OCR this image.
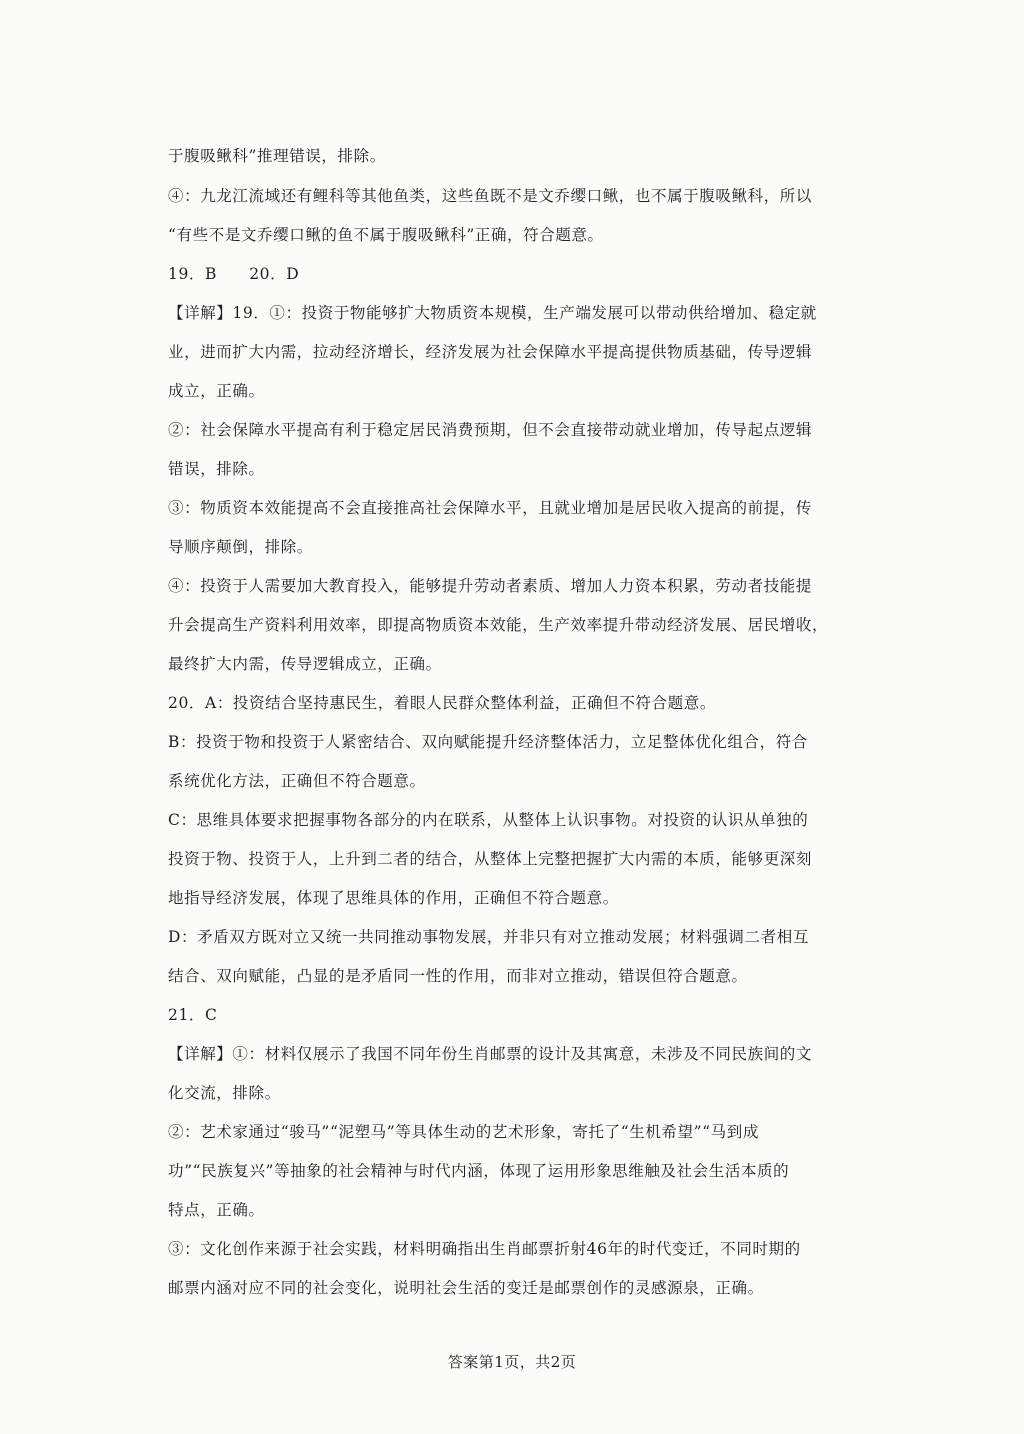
于腹吸鳅科”推理错误，排除。
④：九龙江流域还有鲤科等其他鱼类，这些鱼既不是文乔缨口鳅，也不属于腹吸鳅科，所以
“有些不是文乔缨口鳅的鱼不属于腹吸鳅科”正确，符合题意。
19．B　　20．D
【详解】19．①：投资于物能够扩大物质资本规模，生产端发展可以带动供给增加、稳定就
业，进而扩大内需，拉动经济增长，经济发展为社会保障水平提高提供物质基础，传导逻辑
成立，正确。
②：社会保障水平提高有利于稳定居民消费预期，但不会直接带动就业增加，传导起点逻辑
错误，排除。
③：物质资本效能提高不会直接推高社会保障水平，且就业增加是居民收入提高的前提，传
导顺序颠倒，排除。
④：投资于人需要加大教育投入，能够提升劳动者素质、增加人力资本积累，劳动者技能提
升会提高生产资料利用效率，即提高物质资本效能，生产效率提升带动经济发展、居民增收，
最终扩大内需，传导逻辑成立，正确。
20．A：投资结合坚持惠民生，着眼人民群众整体利益，正确但不符合题意。
B：投资于物和投资于人紧密结合、双向赋能提升经济整体活力，立足整体优化组合，符合
系统优化方法，正确但不符合题意。
C：思维具体要求把握事物各部分的内在联系，从整体上认识事物。对投资的认识从单独的
投资于物、投资于人，上升到二者的结合，从整体上完整把握扩大内需的本质，能够更深刻
地指导经济发展，体现了思维具体的作用，正确但不符合题意。
D：矛盾双方既对立又统一共同推动事物发展，并非只有对立推动发展；材料强调二者相互
结合、双向赋能，凸显的是矛盾同一性的作用，而非对立推动，错误但符合题意。
21．C
【详解】①：材料仅展示了我国不同年份生肖邮票的设计及其寓意，未涉及不同民族间的文
化交流，排除。
②：艺术家通过“骏马”“泥塑马”等具体生动的艺术形象，寄托了“生机希望”“马到成
功”“民族复兴”等抽象的社会精神与时代内涵，体现了运用形象思维触及社会生活本质的
特点，正确。
③：文化创作来源于社会实践，材料明确指出生肖邮票折射46年的时代变迁，不同时期的
邮票内涵对应不同的社会变化，说明社会生活的变迁是邮票创作的灵感源泉，正确。
答案第1页，共2页
